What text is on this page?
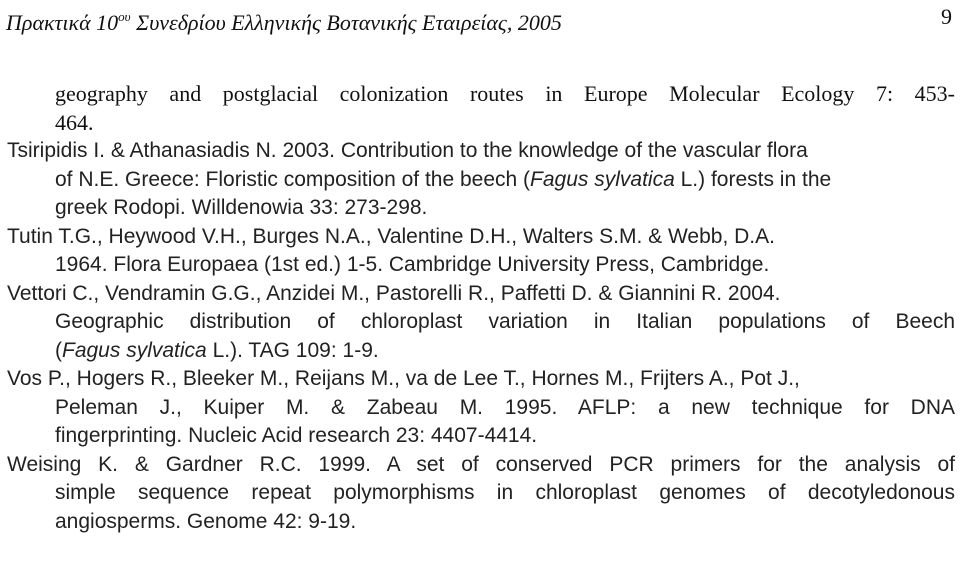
Πρακτικά $10^{o\upsilon}$ Συνεδρίου Ελληνικής Βοτανικής Εταιρείας, 2005	9
geography and postglacial colonization routes in Europe Molecular Ecology 7: 453-
464.
Tsiripidis I. & Athanasiadis N. 2003. Contribution to the knowledge of the vascular flora
of N.E. Greece: Floristic composition of the beech (Fagus sylvatica L.) forests in the
greek Rodopi. Willdenowia 33: 273-298.
Tutin T.G., Heywood V.H., Burges N.A., Valentine D.H., Walters S.M. & Webb, D.A.
1964. Flora Europaea (1st ed.) 1-5. Cambridge University Press, Cambridge.
Vettori C., Vendramin G.G., Anzidei M., Pastorelli R., Paffetti D. & Giannini R. 2004.
Geographic distribution of chloroplast variation in Italian populations of Beech
(Fagus sylvatica L.). TAG 109: 1-9.
Vos P., Hogers R., Bleeker M., Reijans M., va de Lee T., Hornes M., Frijters A., Pot J.,
Peleman J., Kuiper M. & Zabeau M. 1995. AFLP: a new technique for DNA
fingerprinting. Nucleic Acid research 23: 4407-4414.
Weising K. & Gardner R.C. 1999. A set of conserved PCR primers for the analysis of
simple sequence repeat polymorphisms in chloroplast genomes of decotyledonous
angiosperms. Genome 42: 9-19.
